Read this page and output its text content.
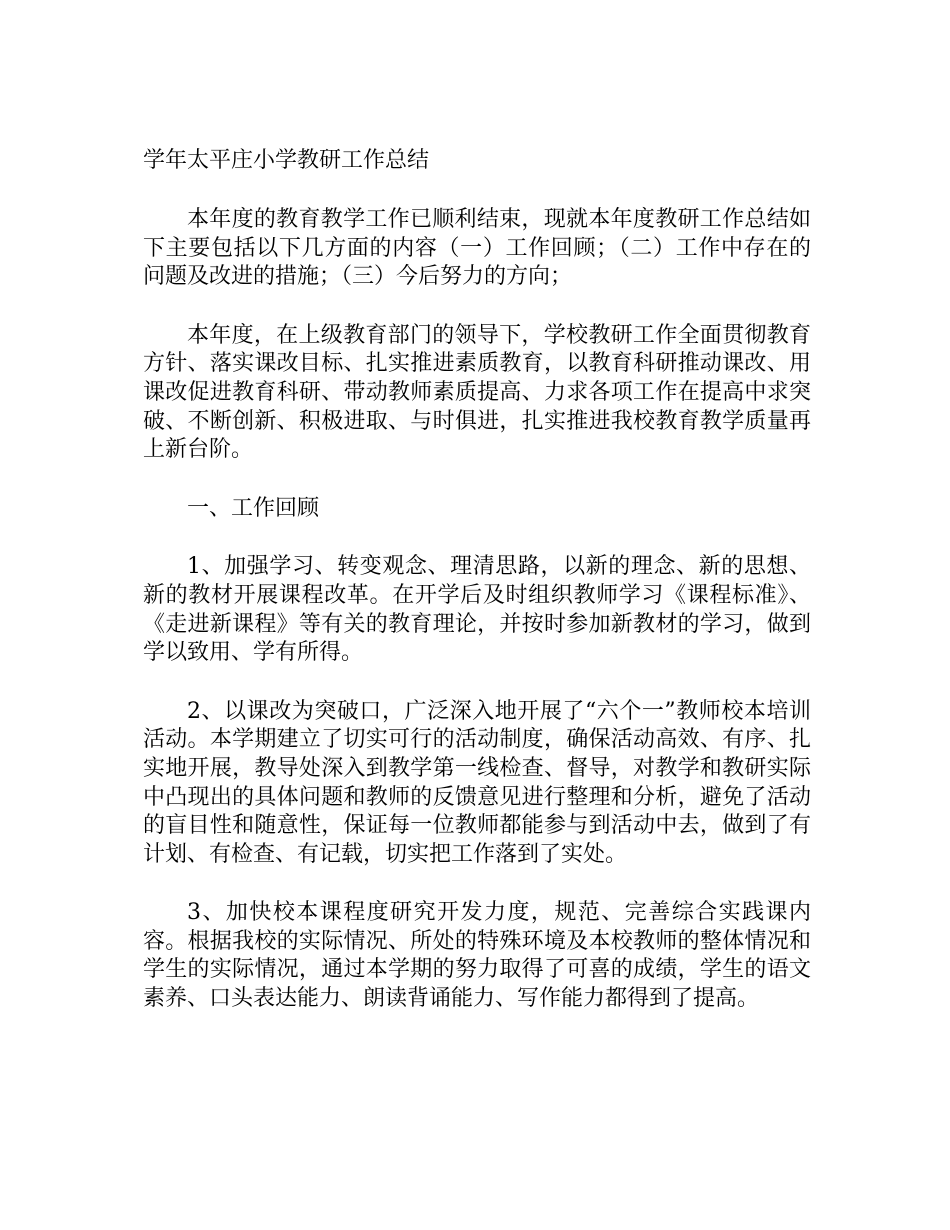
学年太平庄小学教研工作总结

本年度的教育教学工作已顺利结束，现就本年度教研工作总结如下主要包括以下几方面的内容（一）工作回顾；（二）工作中存在的问题及改进的措施；（三）今后努力的方向；

本年度，在上级教育部门的领导下，学校教研工作全面贯彻教育方针、落实课改目标、扎实推进素质教育，以教育科研推动课改、用课改促进教育科研、带动教师素质提高、力求各项工作在提高中求突破、不断创新、积极进取、与时俱进，扎实推进我校教育教学质量再上新台阶。

一、工作回顾

1、加强学习、转变观念、理清思路，以新的理念、新的思想、新的教材开展课程改革。在开学后及时组织教师学习《课程标准》、《走进新课程》等有关的教育理论，并按时参加新教材的学习，做到学以致用、学有所得。

2、以课改为突破口，广泛深入地开展了“六个一”教师校本培训活动。本学期建立了切实可行的活动制度，确保活动高效、有序、扎实地开展，教导处深入到教学第一线检查、督导，对教学和教研实际中凸现出的具体问题和教师的反馈意见进行整理和分析，避免了活动的盲目性和随意性，保证每一位教师都能参与到活动中去，做到了有计划、有检查、有记载，切实把工作落到了实处。

3、加快校本课程度研究开发力度，规范、完善综合实践课内容。根据我校的实际情况、所处的特殊环境及本校教师的整体情况和学生的实际情况，通过本学期的努力取得了可喜的成绩，学生的语文素养、口头表达能力、朗读背诵能力、写作能力都得到了提高。
